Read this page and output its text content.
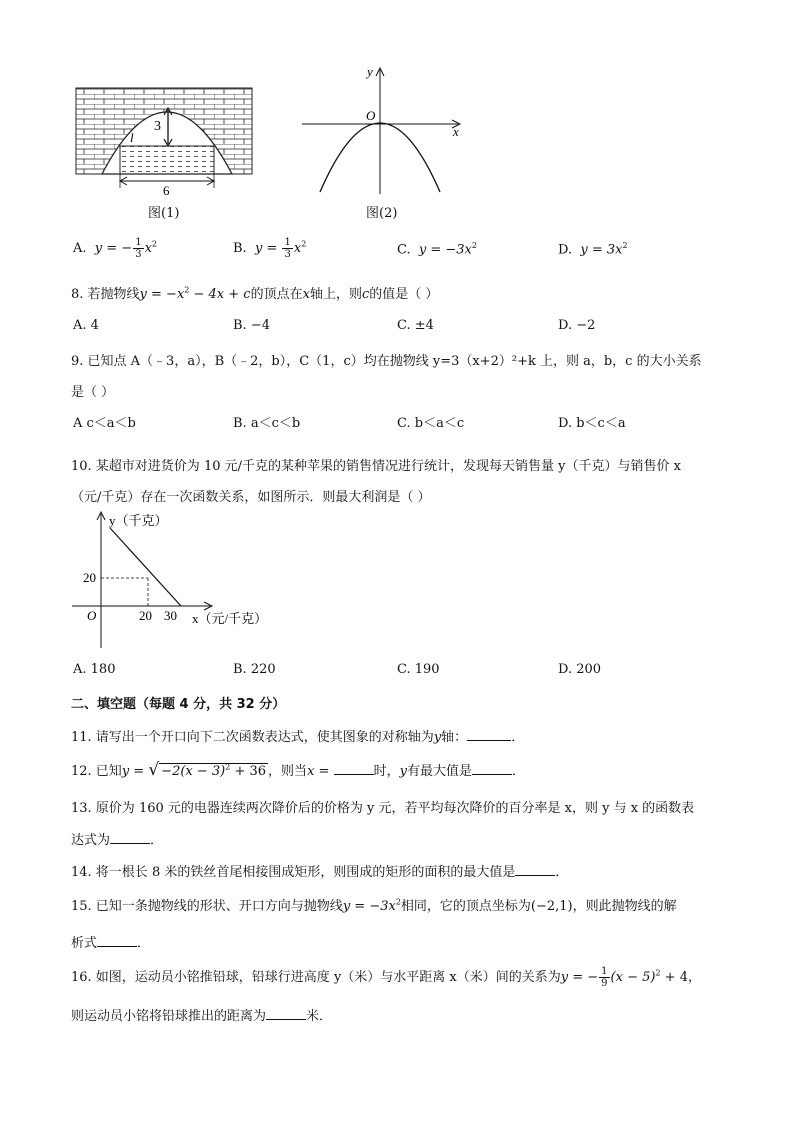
3
l
6
图(1)
O
x
y
图(2)
A. y = − $\frac{1}{3} x^2$	B. $y = \frac{1}{3} x^2$	C. $y = -3x^2$	D. $y = 3x^2$
8. 若抛物线$y = -x^2 - 4x + c$的顶点在x轴上，则c的值是（ ）
A. 4	B. −4	C. ±4	D. −2
9. 已知点 A（﹣3，a），B（﹣2，b），C（1，c）均在抛物线 y=3（x+2）²+k 上，则 a，b，c 的大小关系
是（ ）
A c＜a＜b	B. a＜c＜b	C. b＜a＜c	D. b＜c＜a
10. 某超市对进货价为 10 元/千克的某种苹果的销售情况进行统计，发现每天销售量 y（千克）与销售价 x
（元/千克）存在一次函数关系，如图所示．则最大利润是（ ）
y（千克）
20
O	20 30 x（元/千克）
A. 180	B. 220	C. 190	D. 200
二、填空题（每题 4 分，共 32 分）
11. 请写出一个开口向下二次函数表达式，使其图象的对称轴为y轴：	．
12. 已知y = √ $-2(x - 3)^2 + 36$ ，则当x =	时，y有最大值是	．
13. 原价为 160 元的电器连续两次降价后的价格为 y 元，若平均每次降价的百分率是 x，则 y 与 x 的函数表
达式为	．
14. 将一根长 8 米的铁丝首尾相接围成矩形，则围成的矩形的面积的最大值是	．
15. 已知一条抛物线的形状、开口方向与抛物线$y = -3x^2$相同，它的顶点坐标为(−2,1)，则此抛物线的解
析式	．
16. 如图，运动员小铭推铅球，铅球行进高度 y（米）与水平距离 x（米）间的关系为y = − $\frac{1}{9} (x - 5)^2 + 4$，
则运动员小铭将铅球推出的距离为	米．
